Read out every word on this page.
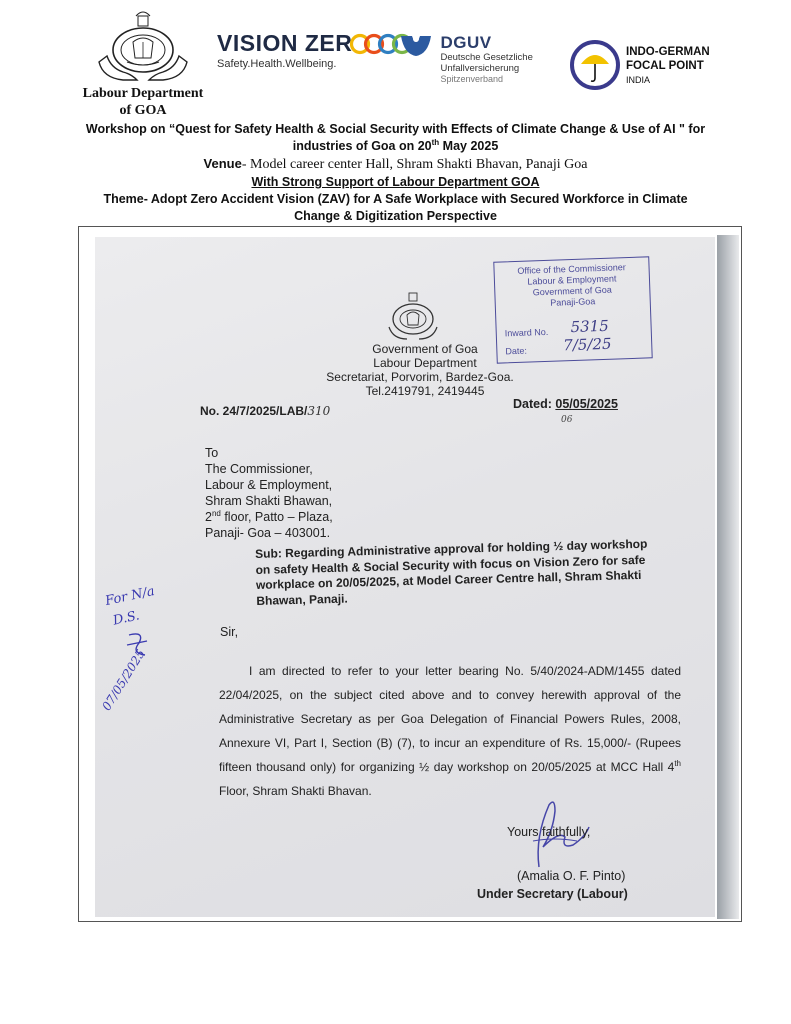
Labour Department
of GOA
VISION ZER
Safety.Health.Wellbeing.

DGUV
Deutsche Gesetzliche
Unfallversicherung
Spitzenverband
INDO-GERMAN
FOCAL POINT
INDIA
Workshop on “Quest for Safety Health & Social Security with Effects of Climate Change & Use of AI " for
industries of Goa on 20th May 2025
Venue- Model career center Hall, Shram Shakti Bhavan, Panaji Goa
With Strong Support of Labour Department GOA
Theme- Adopt Zero Accident Vision (ZAV) for A Safe Workplace with Secured Workforce in Climate
Change & Digitization Perspective
Office of the Commissioner
Labour & Employment
Government of Goa
Panaji-Goa
Inward No. 5315
Date: 7/5/25
Government of Goa
Labour Department
Secretariat, Porvorim, Bardez-Goa.
Tel.2419791, 2419445
No. 24/7/2025/LAB/310	Dated: 05/05/2025
06
To
The Commissioner,
Labour & Employment,
Shram Shakti Bhawan,
2nd floor, Patto – Plaza,
Panaji- Goa – 403001.
Sub: Regarding Administrative approval for holding ½ day workshop on safety Health & Social Security with focus on Vision Zero for safe workplace on 20/05/2025, at Model Career Centre hall, Shram Shakti Bhawan, Panaji.
For N/a
D.S.
07/05/2025
Sir,
I am directed to refer to your letter bearing No. 5/40/2024-ADM/1455 dated 22/04/2025, on the subject cited above and to convey herewith approval of the Administrative Secretary as per Goa Delegation of Financial Powers Rules, 2008, Annexure VI, Part I, Section (B) (7), to incur an expenditure of Rs. 15,000/- (Rupees fifteen thousand only) for organizing ½ day workshop on 20/05/2025 at MCC Hall 4th Floor, Shram Shakti Bhavan.
Yours faithfully,
(Amalia O. F. Pinto)
Under Secretary (Labour)
